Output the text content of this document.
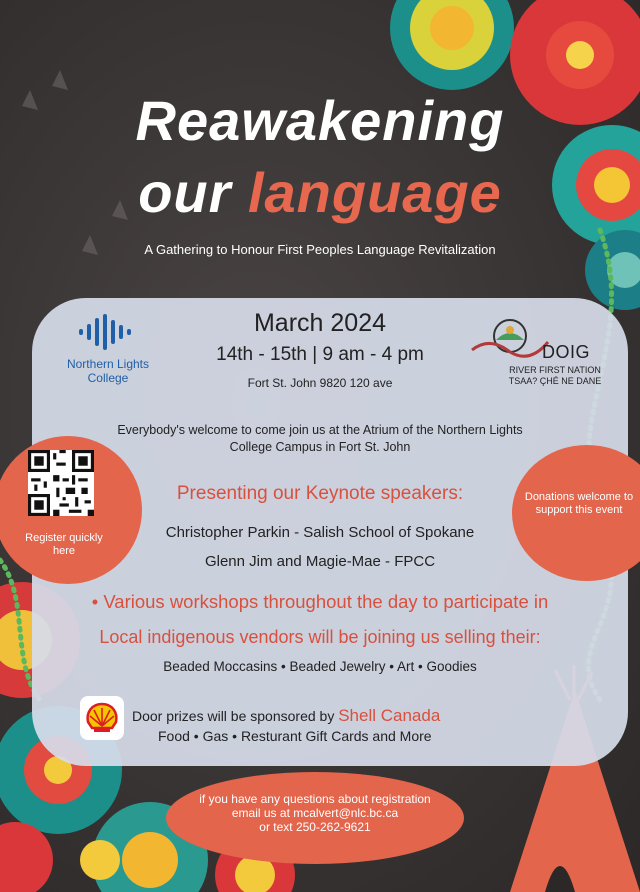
Reawakening
our language
A Gathering to Honour First Peoples Language Revitalization
Northern Lights
College
March 2024
14th - 15th | 9 am - 4 pm
Fort St. John 9820 120 ave
DOIG
RIVER FIRST NATION
TSAA? ÇHÉ NE DANE
Everybody's welcome to come join us at the Atrium of the Northern Lights College Campus in Fort St. John
Register quickly here
Donations welcome to support this event
Presenting our Keynote speakers:
Christopher Parkin - Salish School of Spokane
Glenn Jim and Magie-Mae - FPCC
• Various workshops throughout the day to participate in
Local indigenous vendors will be joining us selling their:
Beaded Moccasins • Beaded Jewelry • Art • Goodies
Door prizes will be sponsored by Shell Canada
Food • Gas • Resturant Gift Cards and More
if you have any questions about registration
email us at mcalvert@nlc.bc.ca
or text 250-262-9621
